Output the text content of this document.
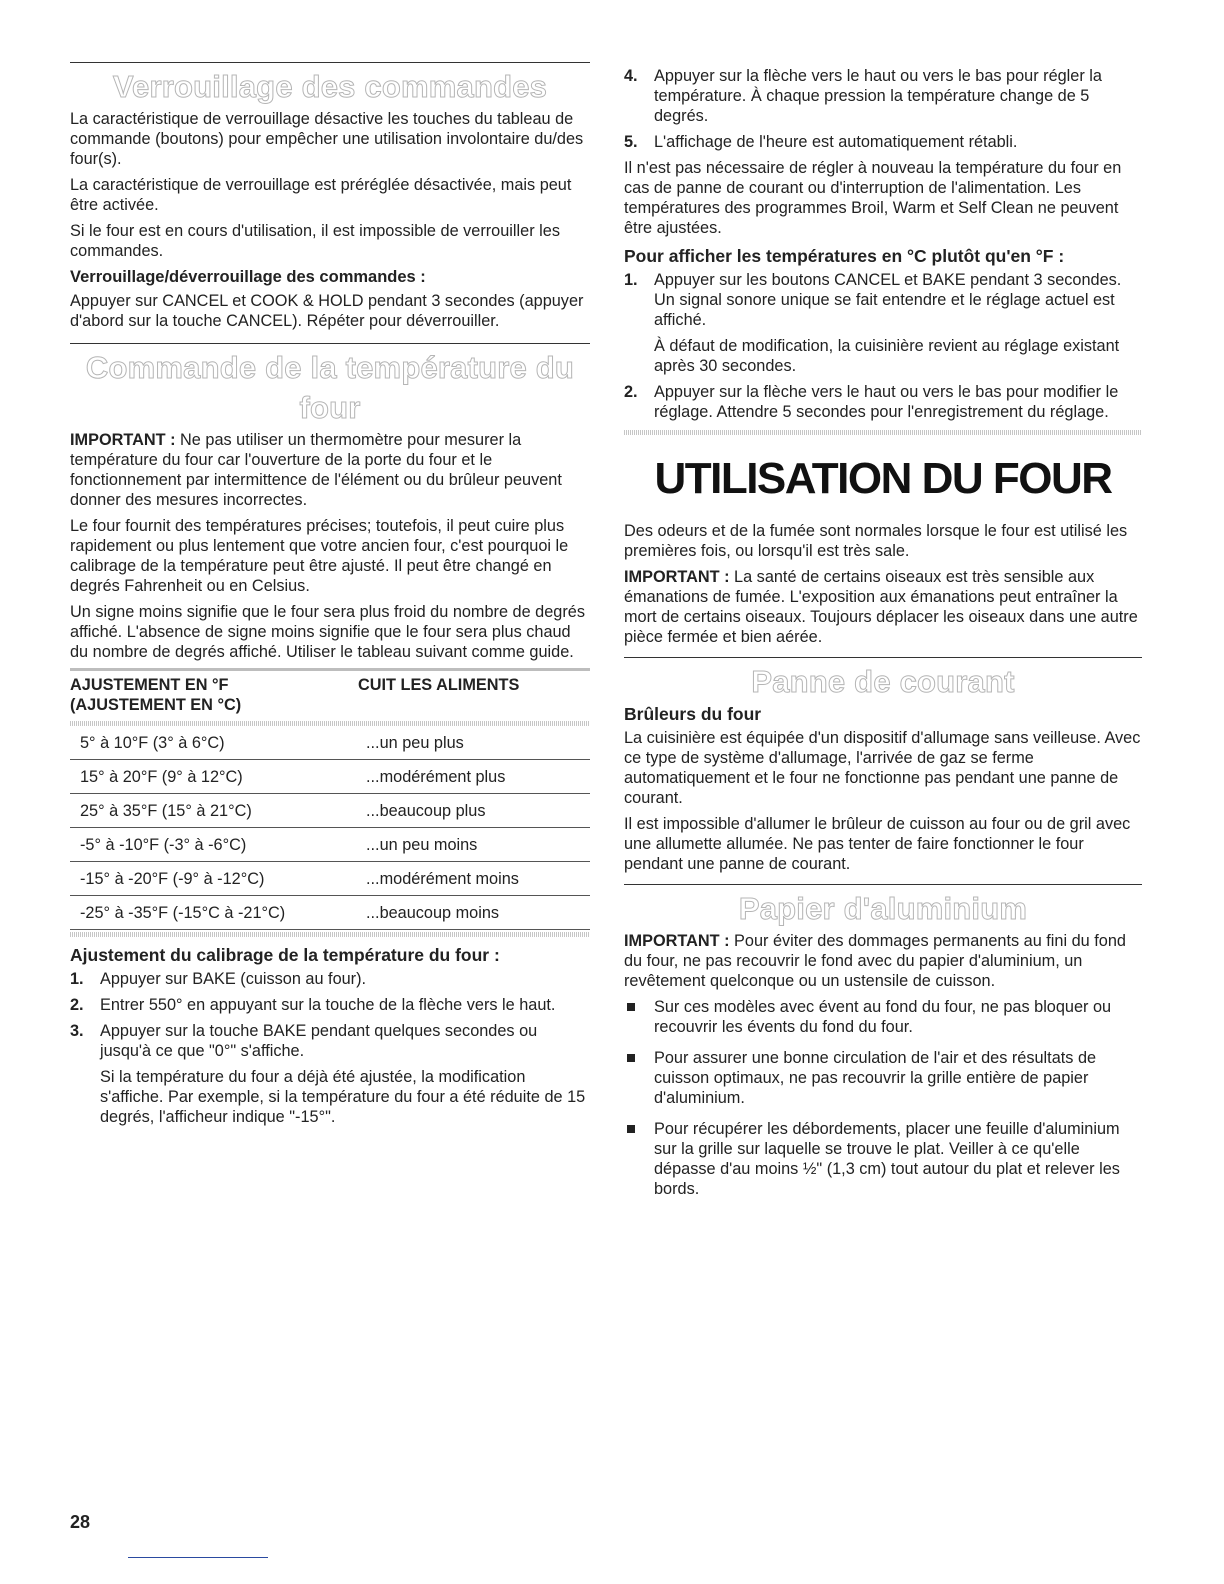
Verrouillage des commandes

La caractéristique de verrouillage désactive les touches du tableau de commande (boutons) pour empêcher une utilisation involontaire du/des four(s).

La caractéristique de verrouillage est préréglée désactivée, mais peut être activée.

Si le four est en cours d'utilisation, il est impossible de verrouiller les commandes.

Verrouillage/déverrouillage des commandes :

Appuyer sur CANCEL et COOK & HOLD pendant 3 secondes (appuyer d'abord sur la touche CANCEL). Répéter pour déverrouiller.

Commande de la température du four

IMPORTANT : Ne pas utiliser un thermomètre pour mesurer la température du four car l'ouverture de la porte du four et le fonctionnement par intermittence de l'élément ou du brûleur peuvent donner des mesures incorrectes.

Le four fournit des températures précises; toutefois, il peut cuire plus rapidement ou plus lentement que votre ancien four, c'est pourquoi le calibrage de la température peut être ajusté. Il peut être changé en degrés Fahrenheit ou en Celsius.

Un signe moins signifie que le four sera plus froid du nombre de degrés affiché. L'absence de signe moins signifie que le four sera plus chaud du nombre de degrés affiché. Utiliser le tableau suivant comme guide.

AJUSTEMENT EN °F
(AJUSTEMENT EN °C)
CUIT LES ALIMENTS
5° à 10°F (3° à 6°C)	...un peu plus
15° à 20°F (9° à 12°C)	...modérément plus
25° à 35°F (15° à 21°C)	...beaucoup plus
-5° à -10°F (-3° à -6°C)	...un peu moins
-15° à -20°F (-9° à -12°C)	...modérément moins
-25° à -35°F (-15°C à -21°C)	...beaucoup moins
Ajustement du calibrage de la température du four :
1. Appuyer sur BAKE (cuisson au four).
2. Entrer 550° en appuyant sur la touche de la flèche vers le haut.
3. Appuyer sur la touche BAKE pendant quelques secondes ou jusqu'à ce que "0°" s'affiche.
Si la température du four a déjà été ajustée, la modification s'affiche. Par exemple, si la température du four a été réduite de 15 degrés, l'afficheur indique "-15°".
4. Appuyer sur la flèche vers le haut ou vers le bas pour régler la température. À chaque pression la température change de 5 degrés.
5. L'affichage de l'heure est automatiquement rétabli.

Il n'est pas nécessaire de régler à nouveau la température du four en cas de panne de courant ou d'interruption de l'alimentation. Les températures des programmes Broil, Warm et Self Clean ne peuvent être ajustées.

Pour afficher les températures en °C plutôt qu'en °F :
1. Appuyer sur les boutons CANCEL et BAKE pendant 3 secondes. Un signal sonore unique se fait entendre et le réglage actuel est affiché.
À défaut de modification, la cuisinière revient au réglage existant après 30 secondes.
2. Appuyer sur la flèche vers le haut ou vers le bas pour modifier le réglage. Attendre 5 secondes pour l'enregistrement du réglage.
UTILISATION DU FOUR

Des odeurs et de la fumée sont normales lorsque le four est utilisé les premières fois, ou lorsqu'il est très sale.

IMPORTANT : La santé de certains oiseaux est très sensible aux émanations de fumée. L'exposition aux émanations peut entraîner la mort de certains oiseaux. Toujours déplacer les oiseaux dans une autre pièce fermée et bien aérée.

Panne de courant
Brûleurs du four

La cuisinière est équipée d'un dispositif d'allumage sans veilleuse. Avec ce type de système d'allumage, l'arrivée de gaz se ferme automatiquement et le four ne fonctionne pas pendant une panne de courant.

Il est impossible d'allumer le brûleur de cuisson au four ou de gril avec une allumette allumée. Ne pas tenter de faire fonctionner le four pendant une panne de courant.

Papier d'aluminium

IMPORTANT : Pour éviter des dommages permanents au fini du fond du four, ne pas recouvrir le fond avec du papier d'aluminium, un revêtement quelconque ou un ustensile de cuisson.

Sur ces modèles avec évent au fond du four, ne pas bloquer ou recouvrir les évents du fond du four.
Pour assurer une bonne circulation de l'air et des résultats de cuisson optimaux, ne pas recouvrir la grille entière de papier d'aluminium.
Pour récupérer les débordements, placer une feuille d'aluminium sur la grille sur laquelle se trouve le plat. Veiller à ce qu'elle dépasse d'au moins ½" (1,3 cm) tout autour du plat et relever les bords.
28
